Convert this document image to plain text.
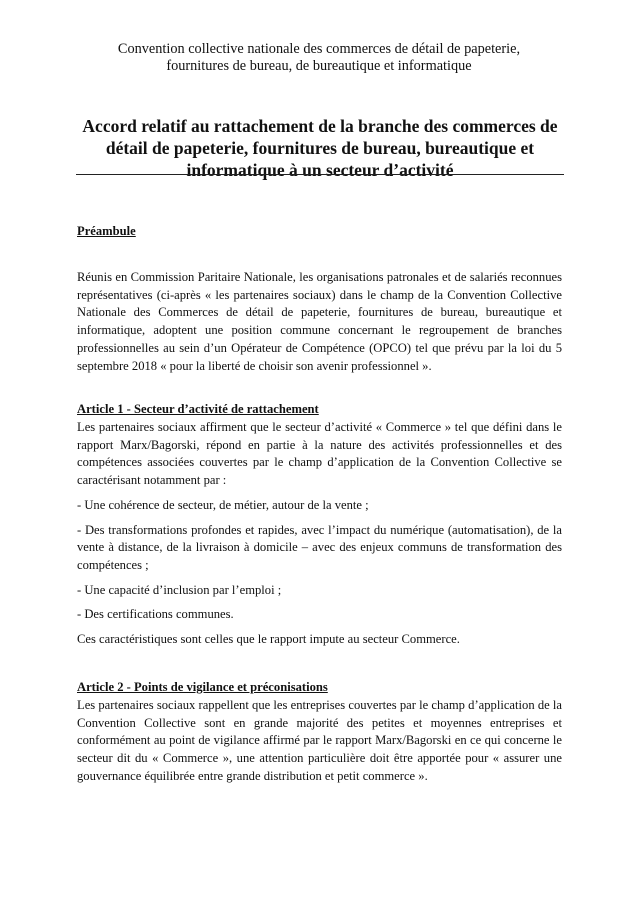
Convention collective nationale des commerces de détail de papeterie,
fournitures de bureau, de bureautique et informatique
Accord relatif au rattachement de la branche des commerces de
détail de papeterie, fournitures de bureau, bureautique et
informatique à un secteur d’activité
Préambule
Réunis en Commission Paritaire Nationale, les organisations patronales et de salariés reconnues représentatives (ci-après « les partenaires sociaux) dans le champ de la Convention Collective Nationale des Commerces de détail de papeterie, fournitures de bureau, bureautique et informatique, adoptent une position commune concernant le regroupement de branches professionnelles au sein d’un Opérateur de Compétence (OPCO) tel que prévu par la loi du 5 septembre 2018 « pour la liberté de choisir son avenir professionnel ».
Article 1 - Secteur d’activité de rattachement

Les partenaires sociaux affirment que le secteur d’activité « Commerce » tel que défini dans le rapport Marx/Bagorski, répond en partie à la nature des activités professionnelles et des compétences associées couvertes par le champ d’application de la Convention Collective se caractérisant notamment par :

- Une cohérence de secteur, de métier, autour de la vente ;

- Des transformations profondes et rapides, avec l’impact du numérique (automatisation), de la vente à distance, de la livraison à domicile – avec des enjeux communs de transformation des compétences ;

- Une capacité d’inclusion par l’emploi ;

- Des certifications communes.

Ces caractéristiques sont celles que le rapport impute au secteur Commerce.

Article 2 - Points de vigilance et préconisations
Les partenaires sociaux rappellent que les entreprises couvertes par le champ d’application de la Convention Collective sont en grande majorité des petites et moyennes entreprises et conformément au point de vigilance affirmé par le rapport Marx/Bagorski en ce qui concerne le secteur dit du « Commerce », une attention particulière doit être apportée pour « assurer une gouvernance équilibrée entre grande distribution et petit commerce ».
